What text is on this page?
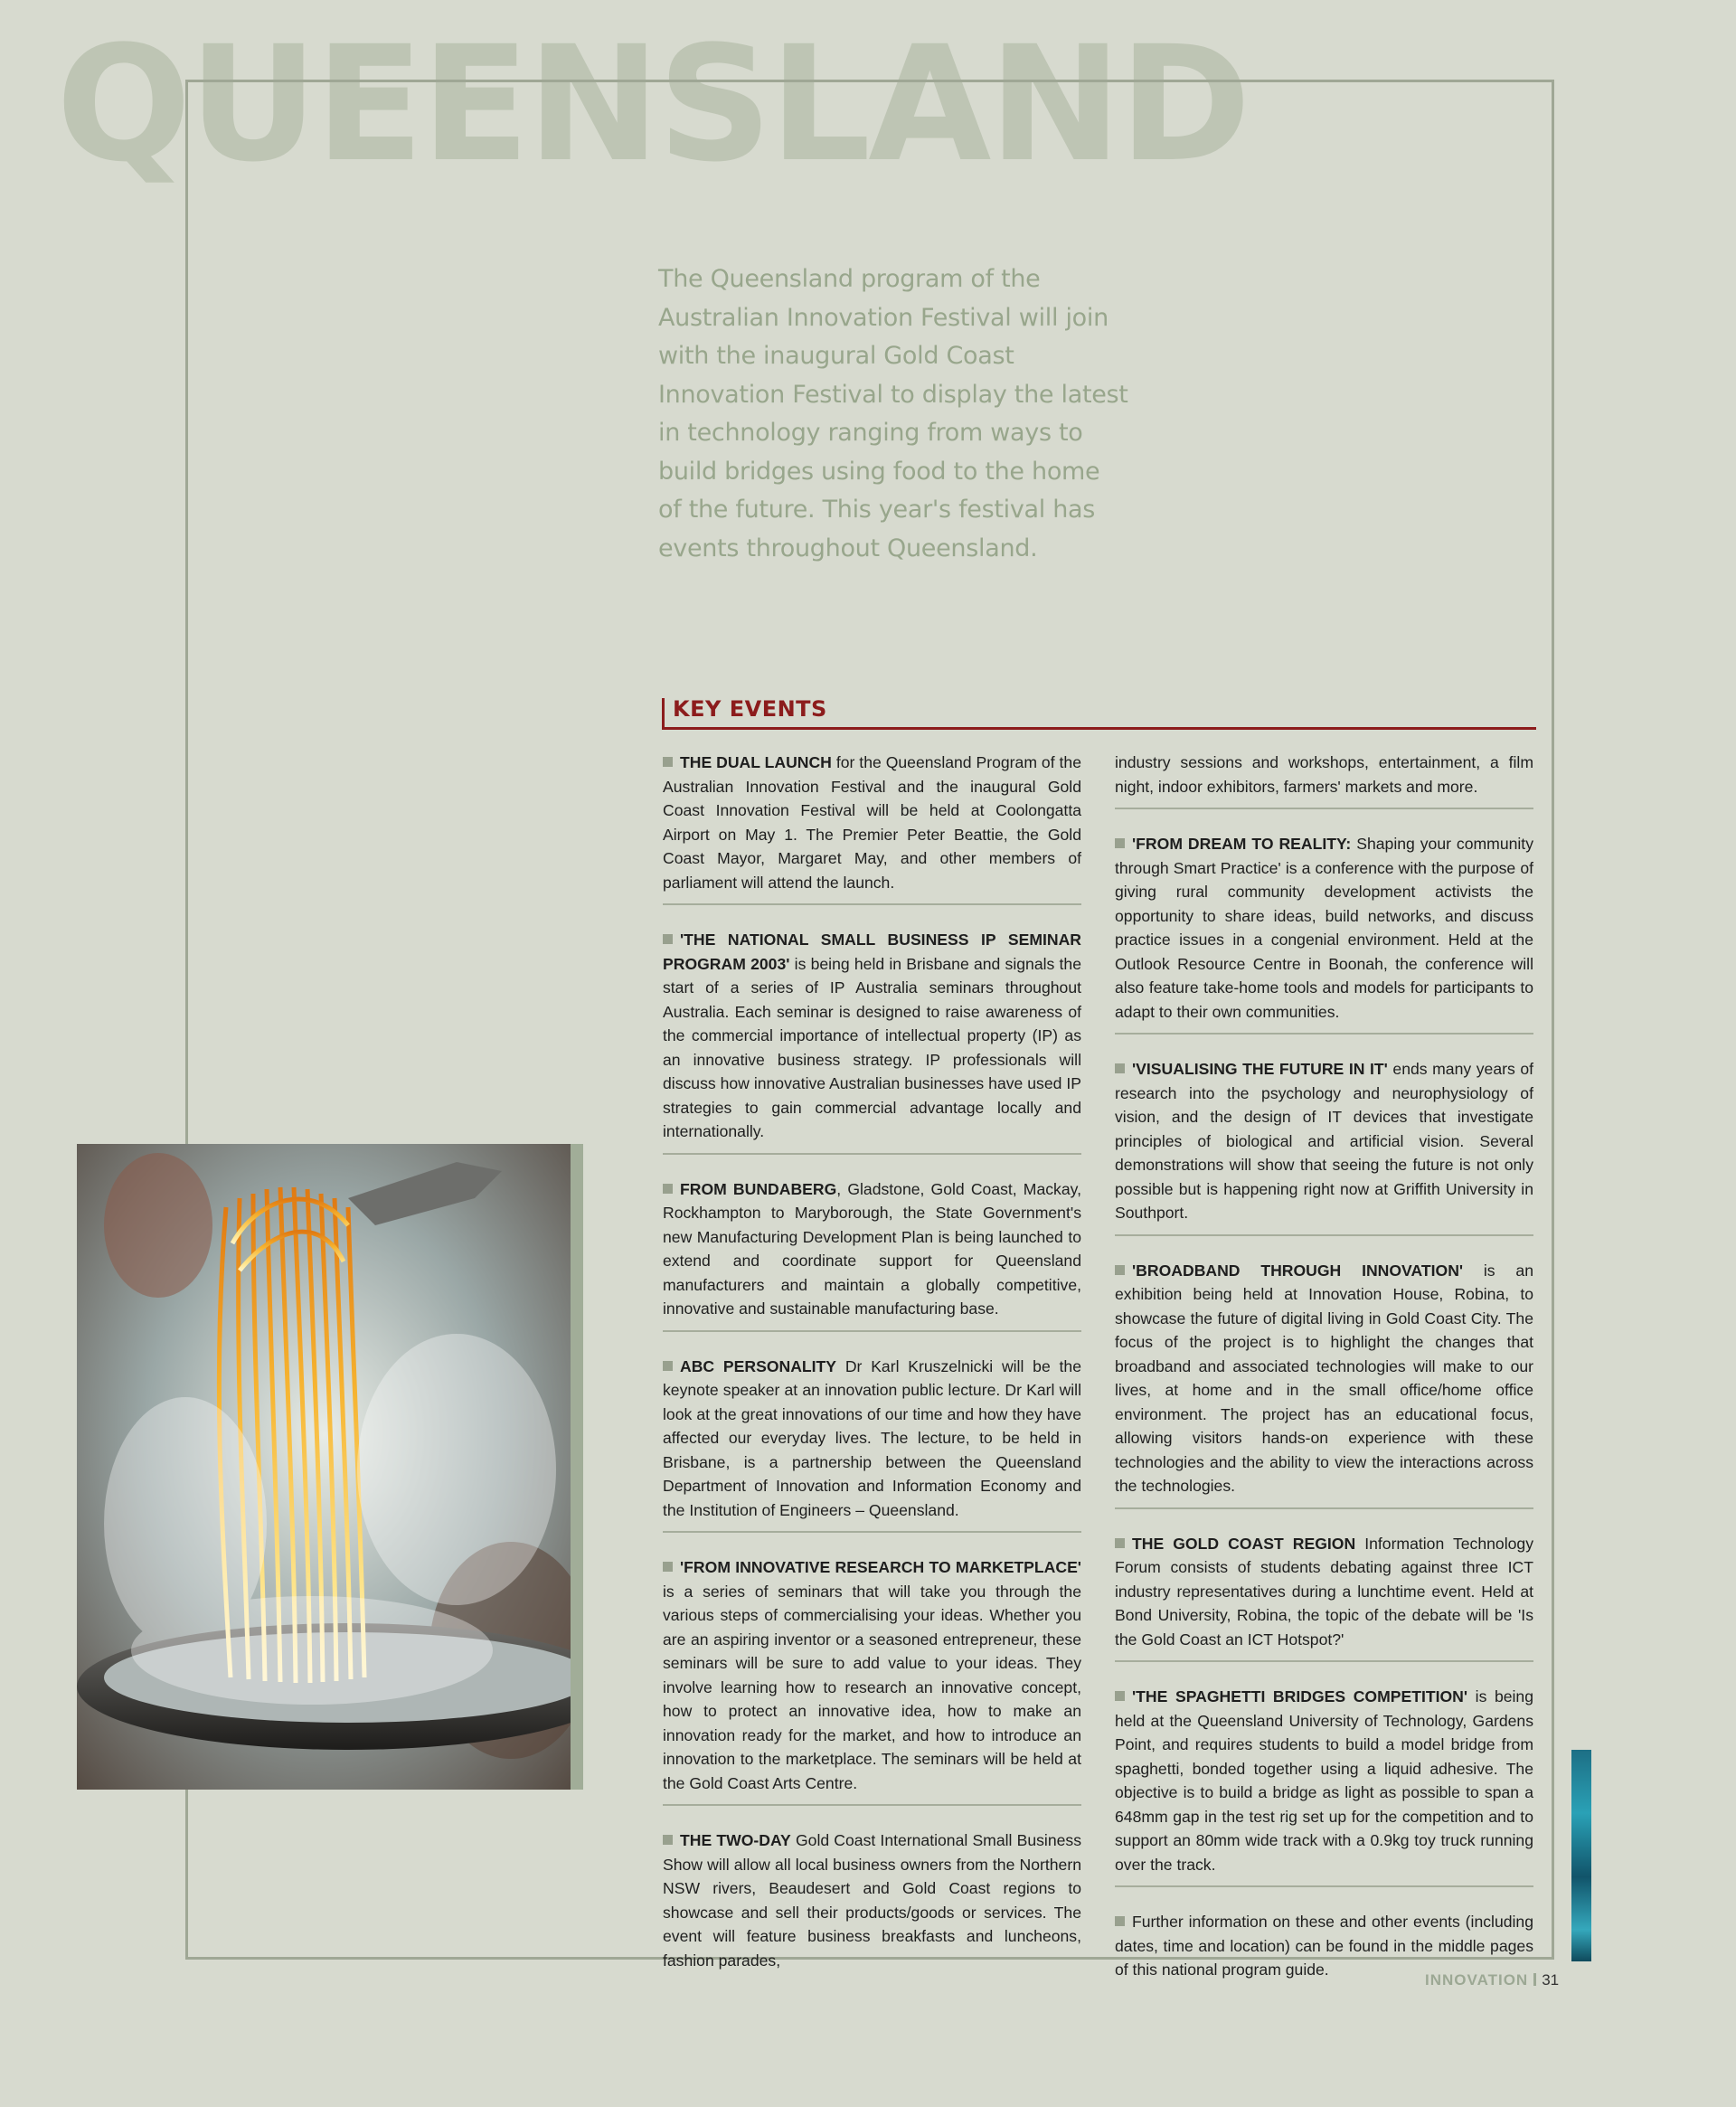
QUEENSLAND

The Queensland program of the Australian Innovation Festival will join with the inaugural Gold Coast Innovation Festival to display the latest in technology ranging from ways to build bridges using food to the home of the future. This year's festival has events throughout Queensland.

KEY EVENTS

THE DUAL LAUNCH for the Queensland Program of the Australian Innovation Festival and the inaugural Gold Coast Innovation Festival will be held at Coolongatta Airport on May 1. The Premier Peter Beattie, the Gold Coast Mayor, Margaret May, and other members of parliament will attend the launch.

'THE NATIONAL SMALL BUSINESS IP SEMINAR PROGRAM 2003' is being held in Brisbane and signals the start of a series of IP Australia seminars throughout Australia. Each seminar is designed to raise awareness of the commercial importance of intellectual property (IP) as an innovative business strategy. IP professionals will discuss how innovative Australian businesses have used IP strategies to gain commercial advantage locally and internationally.

FROM BUNDABERG, Gladstone, Gold Coast, Mackay, Rockhampton to Maryborough, the State Government's new Manufacturing Development Plan is being launched to extend and coordinate support for Queensland manufacturers and maintain a globally competitive, innovative and sustainable manufacturing base.

ABC PERSONALITY Dr Karl Kruszelnicki will be the keynote speaker at an innovation public lecture. Dr Karl will look at the great innovations of our time and how they have affected our everyday lives. The lecture, to be held in Brisbane, is a partnership between the Queensland Department of Innovation and Information Economy and the Institution of Engineers – Queensland.

'FROM INNOVATIVE RESEARCH TO MARKETPLACE' is a series of seminars that will take you through the various steps of commercialising your ideas. Whether you are an aspiring inventor or a seasoned entrepreneur, these seminars will be sure to add value to your ideas. They involve learning how to research an innovative concept, how to protect an innovative idea, how to make an innovation ready for the market, and how to introduce an innovation to the marketplace. The seminars will be held at the Gold Coast Arts Centre.

THE TWO-DAY Gold Coast International Small Business Show will allow all local business owners from the Northern NSW rivers, Beaudesert and Gold Coast regions to showcase and sell their products/goods or services. The event will feature business breakfasts and luncheons, fashion parades,

industry sessions and workshops, entertainment, a film night, indoor exhibitors, farmers' markets and more.

'FROM DREAM TO REALITY: Shaping your community through Smart Practice' is a conference with the purpose of giving rural community development activists the opportunity to share ideas, build networks, and discuss practice issues in a congenial environment. Held at the Outlook Resource Centre in Boonah, the conference will also feature take-home tools and models for participants to adapt to their own communities.

'VISUALISING THE FUTURE IN IT' ends many years of research into the psychology and neurophysiology of vision, and the design of IT devices that investigate principles of biological and artificial vision. Several demonstrations will show that seeing the future is not only possible but is happening right now at Griffith University in Southport.

'BROADBAND THROUGH INNOVATION' is an exhibition being held at Innovation House, Robina, to showcase the future of digital living in Gold Coast City. The focus of the project is to highlight the changes that broadband and associated technologies will make to our lives, at home and in the small office/home office environment. The project has an educational focus, allowing visitors hands-on experience with these technologies and the ability to view the interactions across the technologies.

THE GOLD COAST REGION Information Technology Forum consists of students debating against three ICT industry representatives during a lunchtime event. Held at Bond University, Robina, the topic of the debate will be 'Is the Gold Coast an ICT Hotspot?'

'THE SPAGHETTI BRIDGES COMPETITION' is being held at the Queensland University of Technology, Gardens Point, and requires students to build a model bridge from spaghetti, bonded together using a liquid adhesive. The objective is to build a bridge as light as possible to span a 648mm gap in the test rig set up for the competition and to support an 80mm wide track with a 0.9kg toy truck running over the track.

Further information on these and other events (including dates, time and location) can be found in the middle pages of this national program guide.

INNOVATION 31
